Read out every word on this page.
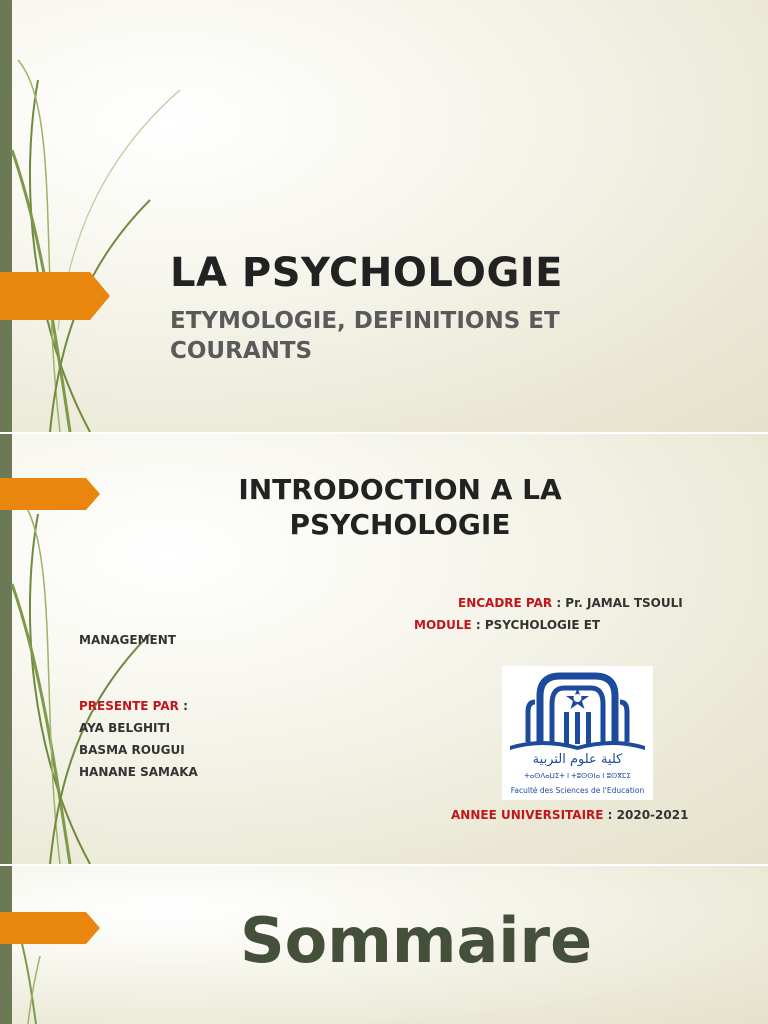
LA PSYCHOLOGIE
ETYMOLOGIE, DEFINITIONS ET COURANTS
INTRODOCTION A LA PSYCHOLOGIE
ENCADRE PAR : Pr. JAMAL TSOULI
MODULE : PSYCHOLOGIE ET
MANAGEMENT
PRESENTE PAR :
AYA BELGHITI
BASMA ROUGUI
HANANE SAMAKA
كلية علوم التربية
ⵜⴰⵙⴷⴰⵡⵉⵜ ⵏ ⵜⵓⵙⵙⵏⴰ ⵏ ⵓⵙⴳⵎⵉ
Faculté des Sciences de l'Education
ANNEE UNIVERSITAIRE : 2020-2021
Sommaire
